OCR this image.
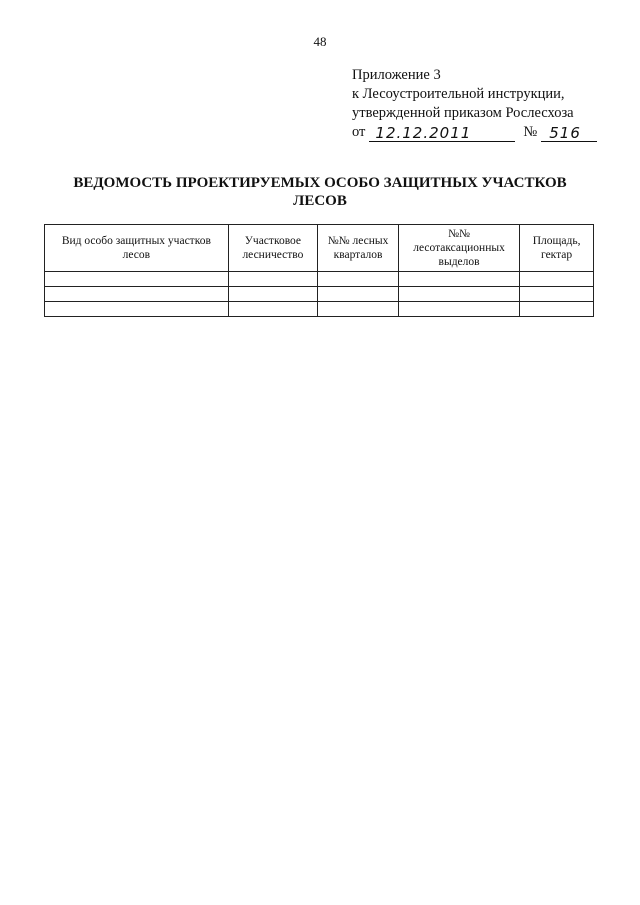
48
Приложение 3
к Лесоустроительной инструкции,
утвержденной приказом Рослесхоза
от 12.12.2011	№ 516
ВЕДОМОСТЬ ПРОЕКТИРУЕМЫХ ОСОБО ЗАЩИТНЫХ УЧАСТКОВ
ЛЕСОВ
Вид особо защитных участков лесов	Участковое лесничество	№№ лесных кварталов	№№ лесотаксационных выделов	Площадь, гектар
